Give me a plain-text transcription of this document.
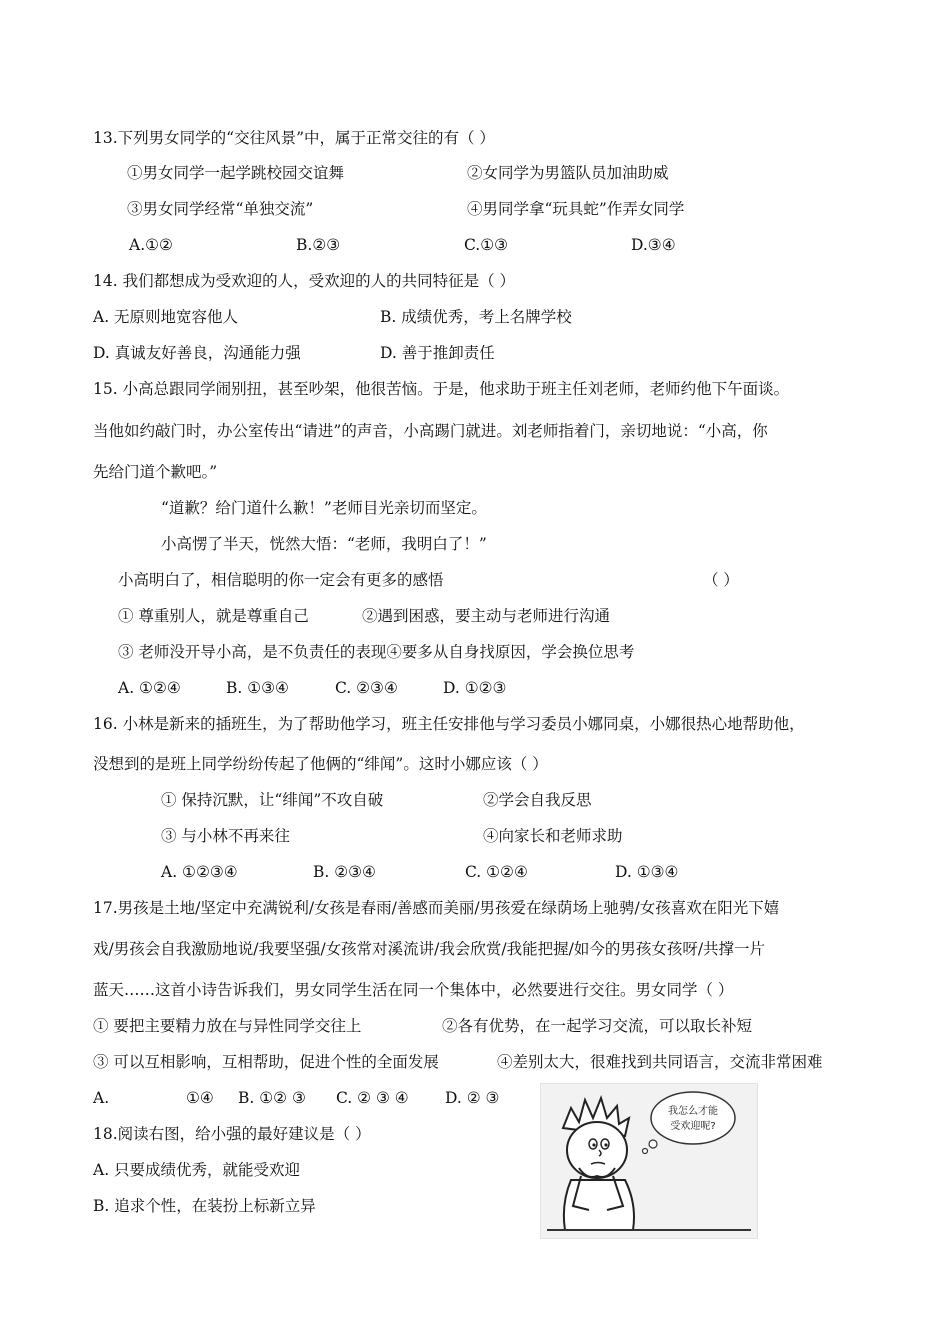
13.下列男女同学的“交往风景”中，属于正常交往的有（ ）
①男女同学一起学跳校园交谊舞	②女同学为男篮队员加油助威
③男女同学经常“单独交流”	④男同学拿“玩具蛇”作弄女同学
A.①②	B.②③	C.①③	D.③④
14. 我们都想成为受欢迎的人，受欢迎的人的共同特征是（ ）
A. 无原则地宽容他人	B. 成绩优秀，考上名牌学校
D. 真诚友好善良，沟通能力强	D. 善于推卸责任
15. 小高总跟同学闹别扭，甚至吵架，他很苦恼。于是，他求助于班主任刘老师，老师约他下午面谈。
当他如约敲门时，办公室传出“请进”的声音，小高踢门就进。刘老师指着门，亲切地说：“小高，你
先给门道个歉吧。”
“道歉？给门道什么歉！”老师目光亲切而坚定。
小高愣了半天，恍然大悟：“老师，我明白了！”
小高明白了，相信聪明的你一定会有更多的感悟	（ ）
① 尊重别人，就是尊重自己	②遇到困惑，要主动与老师进行沟通
③ 老师没开导小高，是不负责任的表现④要多从自身找原因，学会换位思考
A. ①②④	B. ①③④	C. ②③④	D. ①②③
16. 小林是新来的插班生，为了帮助他学习，班主任安排他与学习委员小娜同桌，小娜很热心地帮助他，
没想到的是班上同学纷纷传起了他俩的“绯闻”。这时小娜应该（ ）
① 保持沉默，让“绯闻”不攻自破	②学会自我反思
③ 与小林不再来往	④向家长和老师求助
A. ①②③④	B. ②③④	C. ①②④	D. ①③④
17.男孩是土地/坚定中充满锐利/女孩是春雨/善感而美丽/男孩爱在绿荫场上驰骋/女孩喜欢在阳光下嬉
戏/男孩会自我激励地说/我要坚强/女孩常对溪流讲/我会欣赏/我能把握/如今的男孩女孩呀/共撑一片
蓝天……这首小诗告诉我们，男女同学生活在同一个集体中，必然要进行交往。男女同学（ ）
① 要把主要精力放在与异性同学交往上	②各有优势，在一起学习交流，可以取长补短
③ 可以互相影响，互相帮助，促进个性的全面发展	④差别太大，很难找到共同语言，交流非常困难
A.	①④ B. ①② ③ C. ② ③ ④ D. ② ③
18.阅读右图，给小强的最好建议是（ ）
A. 只要成绩优秀，就能受欢迎
B. 追求个性，在装扮上标新立异
我怎么才能
受欢迎呢?
